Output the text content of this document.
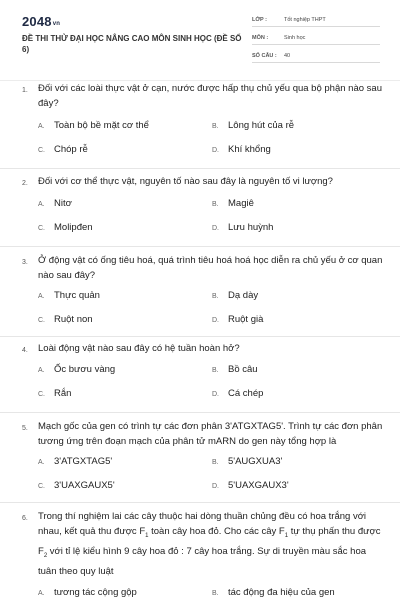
2048vn
ĐỀ THI THỬ ĐẠI HỌC NÂNG CAO MÔN SINH HỌC (ĐỀ SỐ 6)
LỚP :	Tốt nghiệp THPT
MÔN :	Sinh học
SỐ CÂU :	40
1. Đối với các loài thực vật ở cạn, nước được hấp thụ chủ yếu qua bộ phận nào sau đây?
A. Toàn bộ bề mặt cơ thể	B. Lông hút của rễ
C. Chóp rễ	D. Khí khổng
2. Đối với cơ thể thực vật, nguyên tố nào sau đây là nguyên tố vi lượng?
A. Nitơ	B. Magiê
C. Molipđen	D. Lưu huỳnh
3. Ở động vật có ống tiêu hoá, quá trình tiêu hoá hoá học diễn ra chủ yếu ở cơ quan nào sau đây?
A. Thực quản	B. Dạ dày
C. Ruột non	D. Ruột già
4. Loài động vật nào sau đây có hệ tuần hoàn hở?
A. Ốc bươu vàng	B. Bồ câu
C. Rắn	D. Cá chép
5. Mạch gốc của gen có trình tự các đơn phân 3'ATGXTAG5'. Trình tự các đơn phân tương ứng trên đoạn mạch của phân tử mARN do gen này tổng hợp là
A. 3'ATGXTAG5'	B. 5'AUGXUA3'
C. 3'UAXGAUX5'	D. 5'UAXGAUX3'
6. Trong thí nghiệm lai các cây thuộc hai dòng thuần chủng đều có hoa trắng với nhau, kết quả thu được $F_1$ toàn cây hoa đỏ. Cho các cây $F_1$ tự thụ phấn thu được $F_2$ với tỉ lệ kiểu hình 9 cây hoa đỏ : 7 cây hoa trắng. Sự di truyền màu sắc hoa tuân theo quy luật
A. tương tác cộng gộp	B. tác động đa hiệu của gen
